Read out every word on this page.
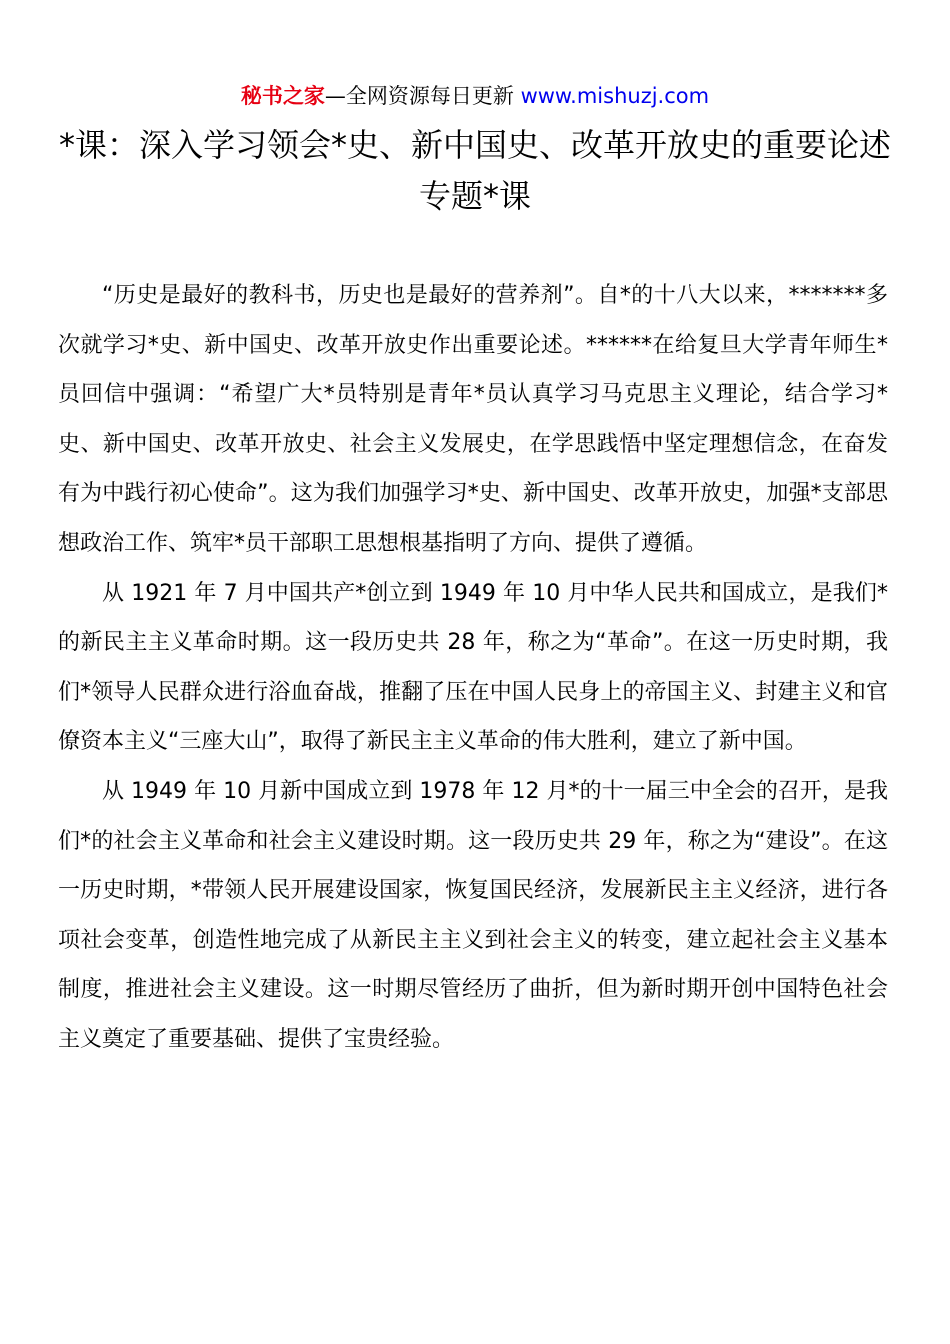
秘书之家—全网资源每日更新 www.mishuzj.com
*课：深入学习领会*史、新中国史、改革开放史的重要论述专题*课

“历史是最好的教科书，历史也是最好的营养剂”。自*的十八大以来，*******多次就学习*史、新中国史、改革开放史作出重要论述。******在给复旦大学青年师生*员回信中强调：“希望广大*员特别是青年*员认真学习马克思主义理论，结合学习*史、新中国史、改革开放史、社会主义发展史，在学思践悟中坚定理想信念，在奋发有为中践行初心使命”。这为我们加强学习*史、新中国史、改革开放史，加强*支部思想政治工作、筑牢*员干部职工思想根基指明了方向、提供了遵循。

从 1921 年 7 月中国共产*创立到 1949 年 10 月中华人民共和国成立，是我们*的新民主主义革命时期。这一段历史共 28 年，称之为“革命”。在这一历史时期，我们*领导人民群众进行浴血奋战，推翻了压在中国人民身上的帝国主义、封建主义和官僚资本主义“三座大山”，取得了新民主主义革命的伟大胜利，建立了新中国。

从 1949 年 10 月新中国成立到 1978 年 12 月*的十一届三中全会的召开，是我们*的社会主义革命和社会主义建设时期。这一段历史共 29 年，称之为“建设”。在这一历史时期，*带领人民开展建设国家，恢复国民经济，发展新民主主义经济，进行各项社会变革，创造性地完成了从新民主主义到社会主义的转变，建立起社会主义基本制度，推进社会主义建设。这一时期尽管经历了曲折，但为新时期开创中国特色社会主义奠定了重要基础、提供了宝贵经验。
